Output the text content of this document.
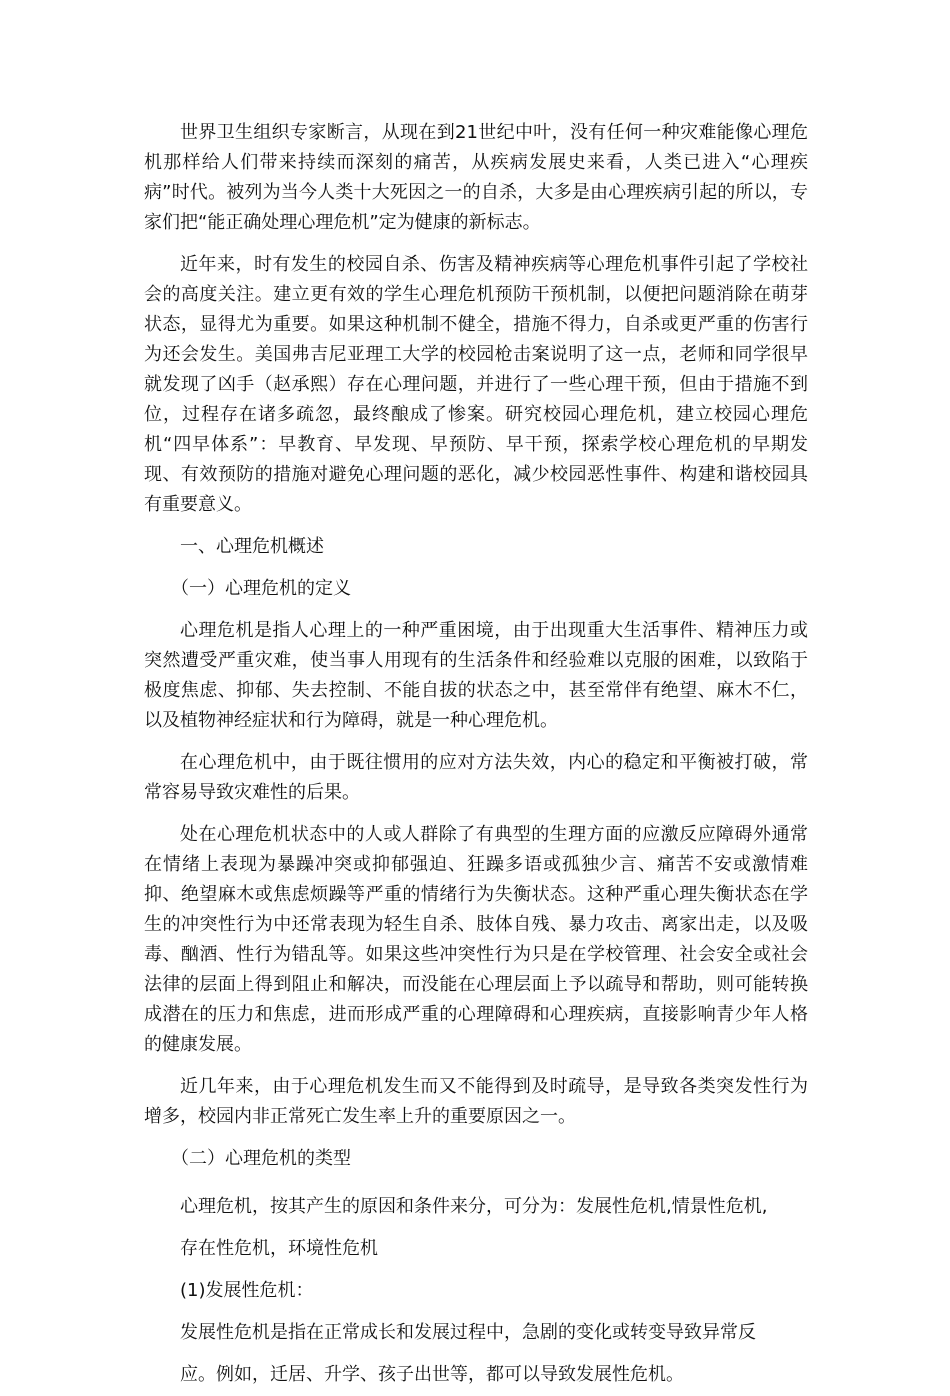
世界卫生组织专家断言，从现在到21世纪中叶，没有任何一种灾难能像心理危机那样给人们带来持续而深刻的痛苦，从疾病发展史来看，人类已进入“心理疾病”时代。被列为当今人类十大死因之一的自杀，大多是由心理疾病引起的所以，专家们把“能正确处理心理危机”定为健康的新标志。

近年来，时有发生的校园自杀、伤害及精神疾病等心理危机事件引起了学校社会的高度关注。建立更有效的学生心理危机预防干预机制，以便把问题消除在萌芽状态，显得尤为重要。如果这种机制不健全，措施不得力，自杀或更严重的伤害行为还会发生。美国弗吉尼亚理工大学的校园枪击案说明了这一点，老师和同学很早就发现了凶手（赵承熙）存在心理问题，并进行了一些心理干预，但由于措施不到位，过程存在诸多疏忽，最终酿成了惨案。研究校园心理危机，建立校园心理危机“四早体系”：早教育、早发现、早预防、早干预，探索学校心理危机的早期发现、有效预防的措施对避免心理问题的恶化，减少校园恶性事件、构建和谐校园具有重要意义。

一、心理危机概述

（一）心理危机的定义

心理危机是指人心理上的一种严重困境，由于出现重大生活事件、精神压力或突然遭受严重灾难，使当事人用现有的生活条件和经验难以克服的困难，以致陷于极度焦虑、抑郁、失去控制、不能自拔的状态之中，甚至常伴有绝望、麻木不仁，以及植物神经症状和行为障碍，就是一种心理危机。

在心理危机中，由于既往惯用的应对方法失效，内心的稳定和平衡被打破，常常容易导致灾难性的后果。

处在心理危机状态中的人或人群除了有典型的生理方面的应激反应障碍外通常在情绪上表现为暴躁冲突或抑郁强迫、狂躁多语或孤独少言、痛苦不安或激情难抑、绝望麻木或焦虑烦躁等严重的情绪行为失衡状态。这种严重心理失衡状态在学生的冲突性行为中还常表现为轻生自杀、肢体自残、暴力攻击、离家出走，以及吸毒、酗酒、性行为错乱等。如果这些冲突性行为只是在学校管理、社会安全或社会法律的层面上得到阻止和解决，而没能在心理层面上予以疏导和帮助，则可能转换成潜在的压力和焦虑，进而形成严重的心理障碍和心理疾病，直接影响青少年人格的健康发展。

近几年来，由于心理危机发生而又不能得到及时疏导，是导致各类突发性行为增多，校园内非正常死亡发生率上升的重要原因之一。

（二）心理危机的类型

心理危机，按其产生的原因和条件来分，可分为：发展性危机,情景性危机,

存在性危机，环境性危机

(1)发展性危机：

发展性危机是指在正常成长和发展过程中，急剧的变化或转变导致异常反

应。例如，迁居、升学、孩子出世等，都可以导致发展性危机。
